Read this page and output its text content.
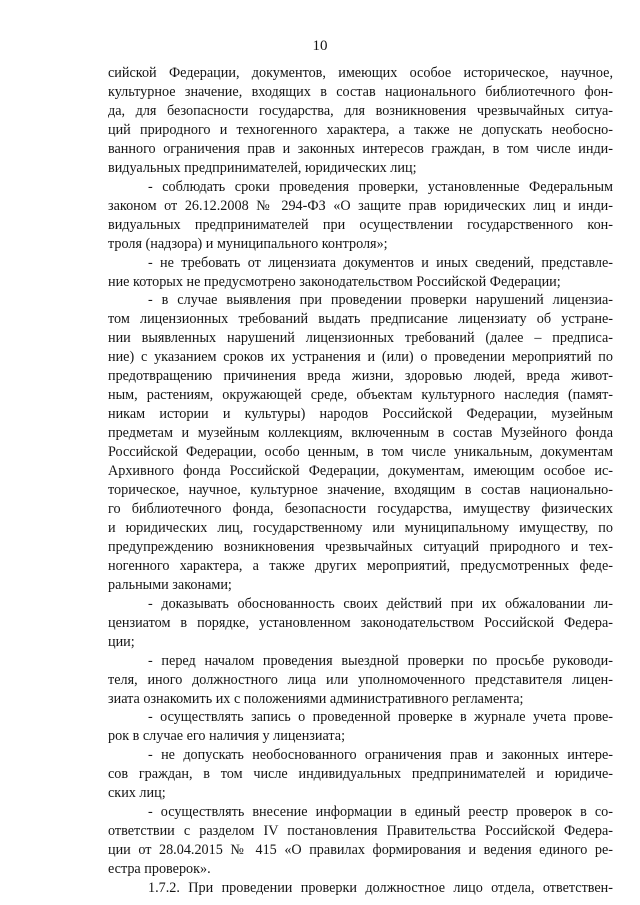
10
сийской Федерации, документов, имеющих особое историческое, научное,
культурное значение, входящих в состав национального библиотечного фон-
да, для безопасности государства, для возникновения чрезвычайных ситуа-
ций природного и техногенного характера, а также не допускать необосно-
ванного ограничения прав и законных интересов граждан, в том числе инди-
видуальных предпринимателей, юридических лиц;
- соблюдать сроки проведения проверки, установленные Федеральным
законом от 26.12.2008 № 294-ФЗ «О защите прав юридических лиц и инди-
видуальных предпринимателей при осуществлении государственного кон-
троля (надзора) и муниципального контроля»;
- не требовать от лицензиата документов и иных сведений, представле-
ние которых не предусмотрено законодательством Российской Федерации;
- в случае выявления при проведении проверки нарушений лицензиа-
том лицензионных требований выдать предписание лицензиату об устране-
нии выявленных нарушений лицензионных требований (далее – предписа-
ние) с указанием сроков их устранения и (или) о проведении мероприятий по
предотвращению причинения вреда жизни, здоровью людей, вреда живот-
ным, растениям, окружающей среде, объектам культурного наследия (памят-
никам истории и культуры) народов Российской Федерации, музейным
предметам и музейным коллекциям, включенным в состав Музейного фонда
Российской Федерации, особо ценным, в том числе уникальным, документам
Архивного фонда Российской Федерации, документам, имеющим особое ис-
торическое, научное, культурное значение, входящим в состав национально-
го библиотечного фонда, безопасности государства, имуществу физических
и юридических лиц, государственному или муниципальному имуществу, по
предупреждению возникновения чрезвычайных ситуаций природного и тех-
ногенного характера, а также других мероприятий, предусмотренных феде-
ральными законами;
- доказывать обоснованность своих действий при их обжаловании ли-
цензиатом в порядке, установленном законодательством Российской Федера-
ции;
- перед началом проведения выездной проверки по просьбе руководи-
теля, иного должностного лица или уполномоченного представителя лицен-
зиата ознакомить их с положениями административного регламента;
- осуществлять запись о проведенной проверке в журнале учета прове-
рок в случае его наличия у лицензиата;
- не допускать необоснованного ограничения прав и законных интере-
сов граждан, в том числе индивидуальных предпринимателей и юридиче-
ских лиц;
- осуществлять внесение информации в единый реестр проверок в со-
ответствии с разделом IV постановления Правительства Российской Федера-
ции от 28.04.2015 № 415 «О правилах формирования и ведения единого ре-
естра проверок».
1.7.2. При проведении проверки должностное лицо отдела, ответствен-
